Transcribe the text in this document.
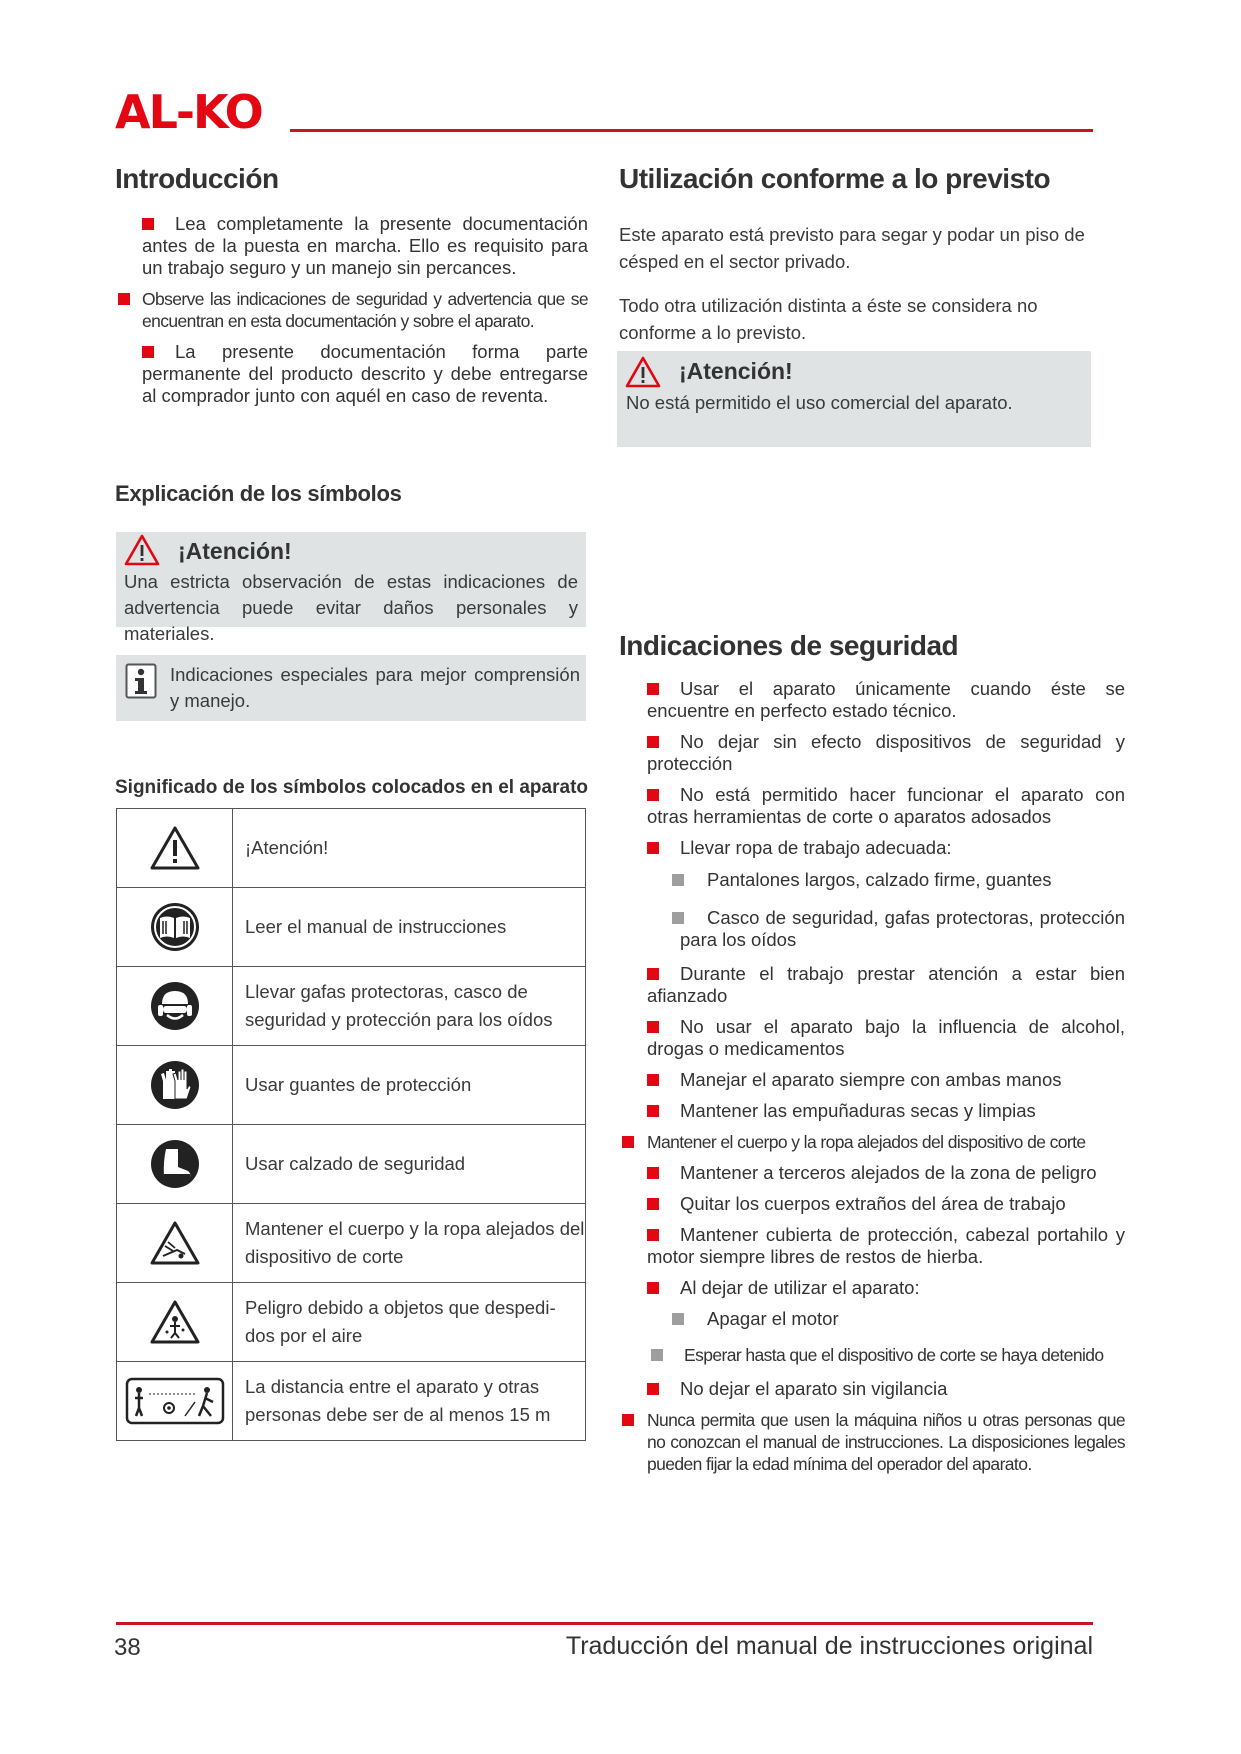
AL-KO
Introducción
Lea completamente la presente documentación antes de la puesta en marcha. Ello es requisito para un trabajo seguro y un manejo sin percances.
Observe las indicaciones de seguridad y advertencia que se encuentran en esta documentación y sobre el aparato.
La presente documentación forma parte permanente del producto descrito y debe entregarse al comprador junto con aquél en caso de reventa.
Utilización conforme a lo previsto

Este aparato está previsto para segar y podar un piso de césped en el sector privado.

Todo otra utilización distinta a éste se considera no conforme a lo previsto.

¡Atención!
No está permitido el uso comercial del aparato.
Explicación de los símbolos
¡Atención!
Una estricta observación de estas indicaciones de advertencia puede evitar daños personales y materiales.
Indicaciones especiales para mejor comprensión y manejo.
Significado de los símbolos colocados en el aparato
	¡Atención!

	Leer el manual de instrucciones

	Llevar gafas protectoras, casco de seguridad y protección para los oídos

	Usar guantes de protección

	Usar calzado de seguridad

	Mantener el cuerpo y la ropa alejados del dispositivo de corte

	Peligro debido a objetos que despedi- dos por el aire

	La distancia entre el aparato y otras personas debe ser de al menos 15 m
Indicaciones de seguridad
Usar el aparato únicamente cuando éste se encuentre en perfecto estado técnico.
No dejar sin efecto dispositivos de seguridad y protección
No está permitido hacer funcionar el aparato con otras herramientas de corte o aparatos adosados
Llevar ropa de trabajo adecuada:
Pantalones largos, calzado firme, guantes
Casco de seguridad, gafas protectoras, protección para los oídos
Durante el trabajo prestar atención a estar bien afianzado
No usar el aparato bajo la influencia de alcohol, drogas o medicamentos
Manejar el aparato siempre con ambas manos
Mantener las empuñaduras secas y limpias
Mantener el cuerpo y la ropa alejados del dispositivo de corte
Mantener a terceros alejados de la zona de peligro
Quitar los cuerpos extraños del área de trabajo
Mantener cubierta de protección, cabezal portahilo y motor siempre libres de restos de hierba.
Al dejar de utilizar el aparato:
Apagar el motor
Esperar hasta que el dispositivo de corte se haya detenido
No dejar el aparato sin vigilancia
Nunca permita que usen la máquina niños u otras personas que no conozcan el manual de instrucciones. La disposiciones legales pueden fijar la edad mínima del operador del aparato.
38	Traducción del manual de instrucciones original
